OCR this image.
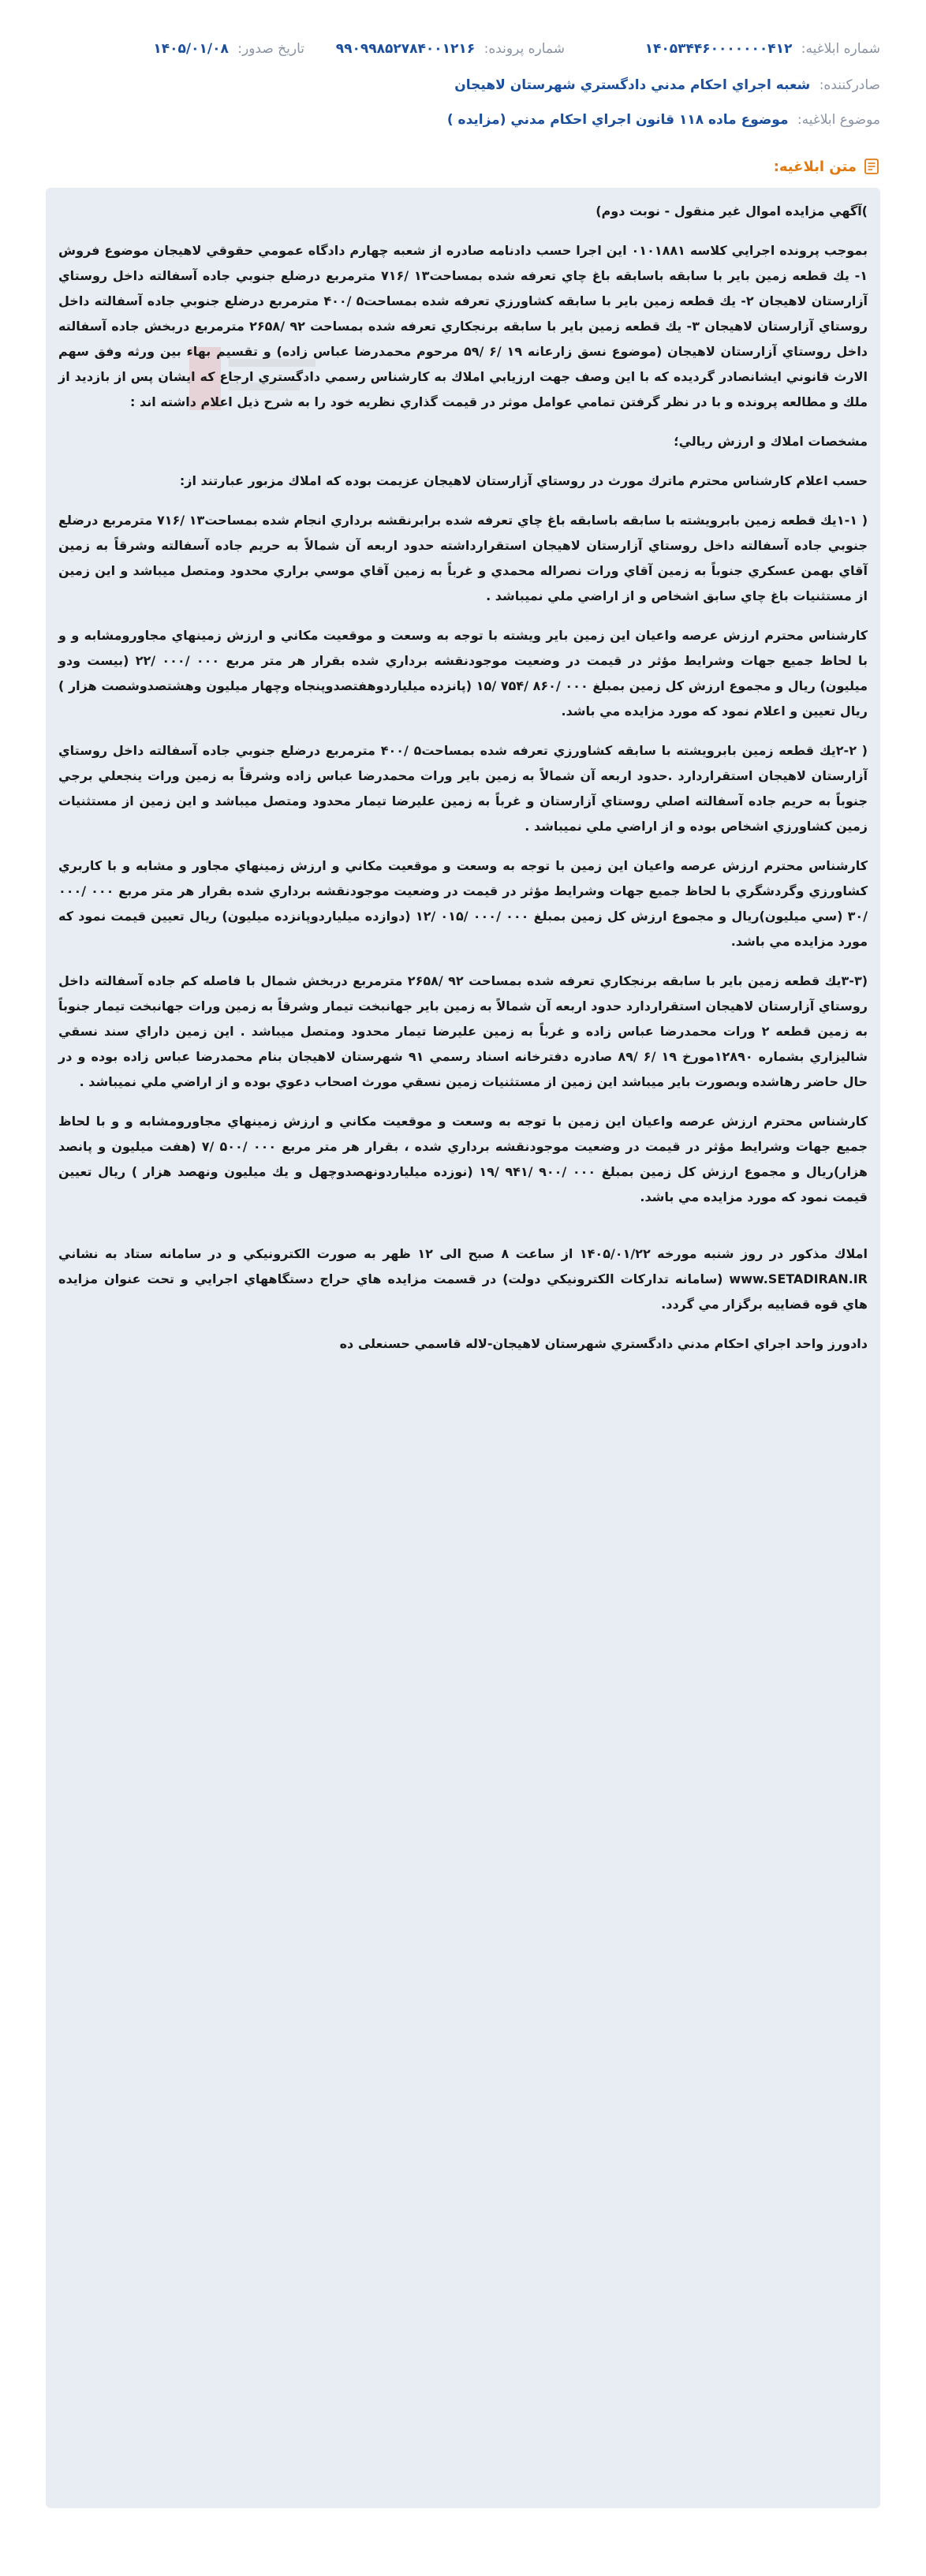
شماره ابلاغیه: ۱۴۰۵۳۴۴۶۰۰۰۰۰۰۰۴۱۲
شماره پرونده: ۹۹۰۹۹۸۵۲۷۸۴۰۰۱۲۱۶
تاریخ صدور: ۱۴۰۵/۰۱/۰۸
صادرکننده: شعبه اجراي احكام مدني دادگستري شهرستان لاهيجان
موضوع ابلاغیه: موضوع ماده ۱۱۸ قانون اجراي احكام مدني (مزايده )
متن ابلاغیه:

)آگهي مزايده اموال غير منقول - نوبت دوم)

بموجب پرونده اجرايي كلاسه ۰۱۰۱۸۸۱ اين اجرا حسب دادنامه صادره از شعبه چهارم دادگاه عمومي حقوقي لاهيجان موضوع فروش ۱- يك قطعه زمين باير با سابقه باسابقه باغ چاي تعرفه شده بمساحت۱۳ /۷۱۶ مترمربع درضلع جنوبي جاده آسفالته داخل روستاي آزارستان لاهيجان ۲- يك قطعه زمين باير با سابقه كشاورزي تعرفه شده بمساحت۵ /۴۰۰ مترمربع درضلع جنوبي جاده آسفالته داخل روستاي آزارستان لاهيجان ۳- يك قطعه زمين باير با سابقه برنجكاري تعرفه شده بمساحت ۹۲ /۲۶۵۸ مترمربع دربخش جاده آسفالته داخل روستاي آزارستان لاهيجان (موضوع نسق زارعانه ۱۹ /۶ /۵۹ مرحوم محمدرضا عباس زاده) و تقسيم بهاء بين ورثه وفق سهم الارث قانوني ايشانصادر گرديده كه با اين وصف جهت ارزيابي املاك به كارشناس رسمي دادگستري ارجاع كه ايشان پس از بازديد از ملك و مطالعه پرونده و با در نظر گرفتن تمامي عوامل موثر در قيمت گذاري نظريه خود را به شرح ذيل اعلام داشته اند :

مشخصات املاك و ارزش ريالي؛

حسب اعلام كارشناس محترم ماترك مورث در روستاي آزارستان لاهيجان عزيمت بوده كه املاك مزبور عبارتند از:

( ۱-۱يك قطعه زمين بابرويشته با سابقه باسابقه باغ چاي تعرفه شده برابرنقشه برداري انجام شده بمساحت۱۳ /۷۱۶ مترمربع درضلع جنوبي جاده آسفالته داخل روستاي آزارستان لاهيجان استقرارداشته حدود اربعه آن شمالاً به حريم جاده آسفالته وشرقاً به زمين آقاي بهمن عسكري جنوباً به زمين آقاي ورات نصراله محمدي و غرباً به زمين آقاي موسي براري محدود ومتصل ميباشد و اين زمين از مستثنيات باغ چاي سابق اشخاص و از اراضي ملي نميباشد .

كارشناس محترم ارزش عرصه واعيان اين زمين باير ويشته با توجه به وسعت و موقعيت مكاني و ارزش زمينهاي مجاورومشابه و و با لحاظ جميع جهات وشرايط مؤثر در قيمت در وضعيت موجودنقشه برداري شده بقرار هر متر مربع ۰۰۰ /۰۰۰ /۲۲ (بيست ودو ميليون) ريال و مجموع ارزش كل زمين بمبلغ ۰۰۰ /۸۶۰ /۷۵۴ /۱۵ (پانزده ميلياردوهفتصدوپنجاه وچهار ميليون وهشتصدوشصت هزار ) ريال تعيين و اعلام نمود كه مورد مزايده مي باشد.

( ۲-۲يك قطعه زمين بابرويشته با سابقه كشاورزي تعرفه شده بمساحت۵ /۴۰۰ مترمربع درضلع جنوبي جاده آسفالته داخل روستاي آزارستان لاهيجان استقراردارد .حدود اربعه آن شمالاً به زمين باير ورات محمدرضا عباس زاده وشرقاً به زمين ورات ينجعلي برجي جنوباً به حريم جاده آسفالته اصلي روستاي آزارستان و غرباً به زمين عليرضا تيمار محدود ومتصل ميباشد و اين زمين از مستثنيات زمين كشاورزي اشخاص بوده و از اراضي ملي نميباشد .

كارشناس محترم ارزش عرصه واعيان اين زمين با توجه به وسعت و موقعيت مكاني و ارزش زمينهاي مجاور و مشابه و با كاربري كشاورزي وگردشگري با لحاظ جميع جهات وشرايط مؤثر در قيمت در وضعيت موجودنقشه برداري شده بقرار هر متر مربع ۰۰۰ /۰۰۰ /۳۰ (سي ميليون)ريال و مجموع ارزش كل زمين بمبلغ ۰۰۰ /۰۰۰ /۰۱۵ /۱۲ (دوازده ميلياردوپانزده ميليون) ريال تعيين قيمت نمود كه مورد مزايده مي باشد.

(۳-۳يك قطعه زمين باير با سابقه برنجكاري تعرفه شده بمساحت ۹۲ /۲۶۵۸ مترمربع دربخش شمال با فاصله كم جاده آسفالته داخل روستاي آزارستان لاهيجان استقراردارد حدود اربعه آن شمالاً به زمين باير جهانبخت تيمار وشرقاً به زمين ورات جهانبخت تيمار جنوباً به زمين قطعه ۲ ورات محمدرضا عباس زاده و غرباً به زمين عليرضا تيمار محدود ومتصل ميباشد . اين زمين داراي سند نسقي شاليزاري بشماره ۱۲۸۹۰مورخ ۱۹ /۶ /۸۹ صادره دفترخانه اسناد رسمي ۹۱ شهرستان لاهيجان بنام محمدرضا عباس زاده بوده و در حال حاضر رهاشده وبصورت باير ميباشد اين زمين از مستثنيات زمين نسقي مورث اصحاب دعوي بوده و از اراضي ملي نميباشد .

كارشناس محترم ارزش عرصه واعيان اين زمين با توجه به وسعت و موقعيت مكاني و ارزش زمينهاي مجاورومشابه و و با لحاظ جميع جهات وشرايط مؤثر در قيمت در وضعيت موجودنقشه برداري شده ، بقرار هر متر مربع ۰۰۰ /۵۰۰ /۷ (هفت ميليون و پانصد هزار)ريال و مجموع ارزش كل زمين بمبلغ ۰۰۰ /۹۰۰ /۹۴۱ /۱۹ (نوزده ميلياردونهصدوچهل و يك ميليون ونهصد هزار ) ريال تعيين قيمت نمود كه مورد مزايده مي باشد.

املاك مذكور در روز شنبه مورخه ۱۴۰۵/۰۱/۲۲ از ساعت ۸ صبح الی ۱۲ ظهر به صورت الكترونيكي و در سامانه ستاد به نشاني www.SETADIRAN.IR (سامانه تداركات الكترونيكي دولت) در قسمت مزايده هاي حراج دستگاههاي اجرايي و تحت عنوان مزايده هاي قوه قضاييه برگزار مي گردد.

دادورز واحد اجراي احكام مدني دادگستري شهرستان لاهيجان-لاله قاسمي حسنعلی ده
